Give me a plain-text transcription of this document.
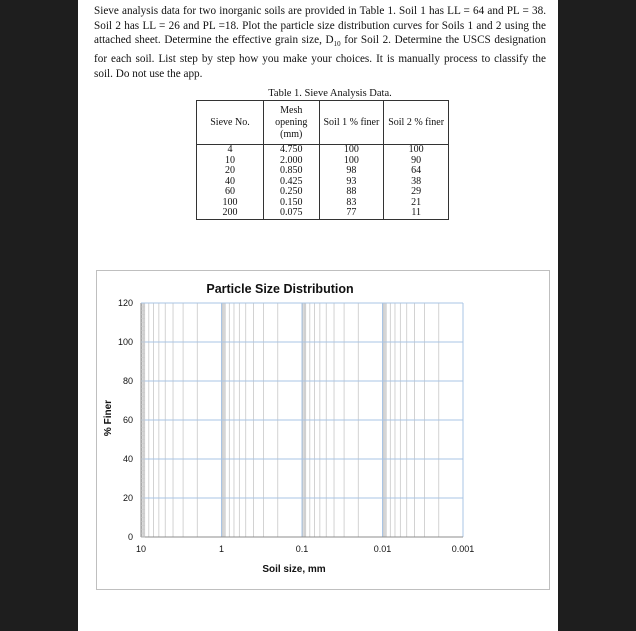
Sieve analysis data for two inorganic soils are provided in Table 1. Soil 1 has LL = 64 and PL = 38. Soil 2 has LL = 26 and PL =18. Plot the particle size distribution curves for Soils 1 and 2 using the attached sheet. Determine the effective grain size, $D_{10}$ for Soil 2. Determine the USCS designation for each soil. List step by step how you make your choices. It is manually process to classify the soil. Do not use the app.

Table 1. Sieve Analysis Data.
Sieve No.	Mesh opening (mm)	Soil 1 % finer	Soil 2 % finer
4	4.750	100	100
10	2.000	100	90
20	0.850	98	64
40	0.425	93	38
60	0.250	88	29
100	0.150	83	21
200	0.075	77	11
Particle Size Distribution
Soil size, mm
% Finer
0
20
40
60
80
100
120
10	1	0.1	0.01	0.001
